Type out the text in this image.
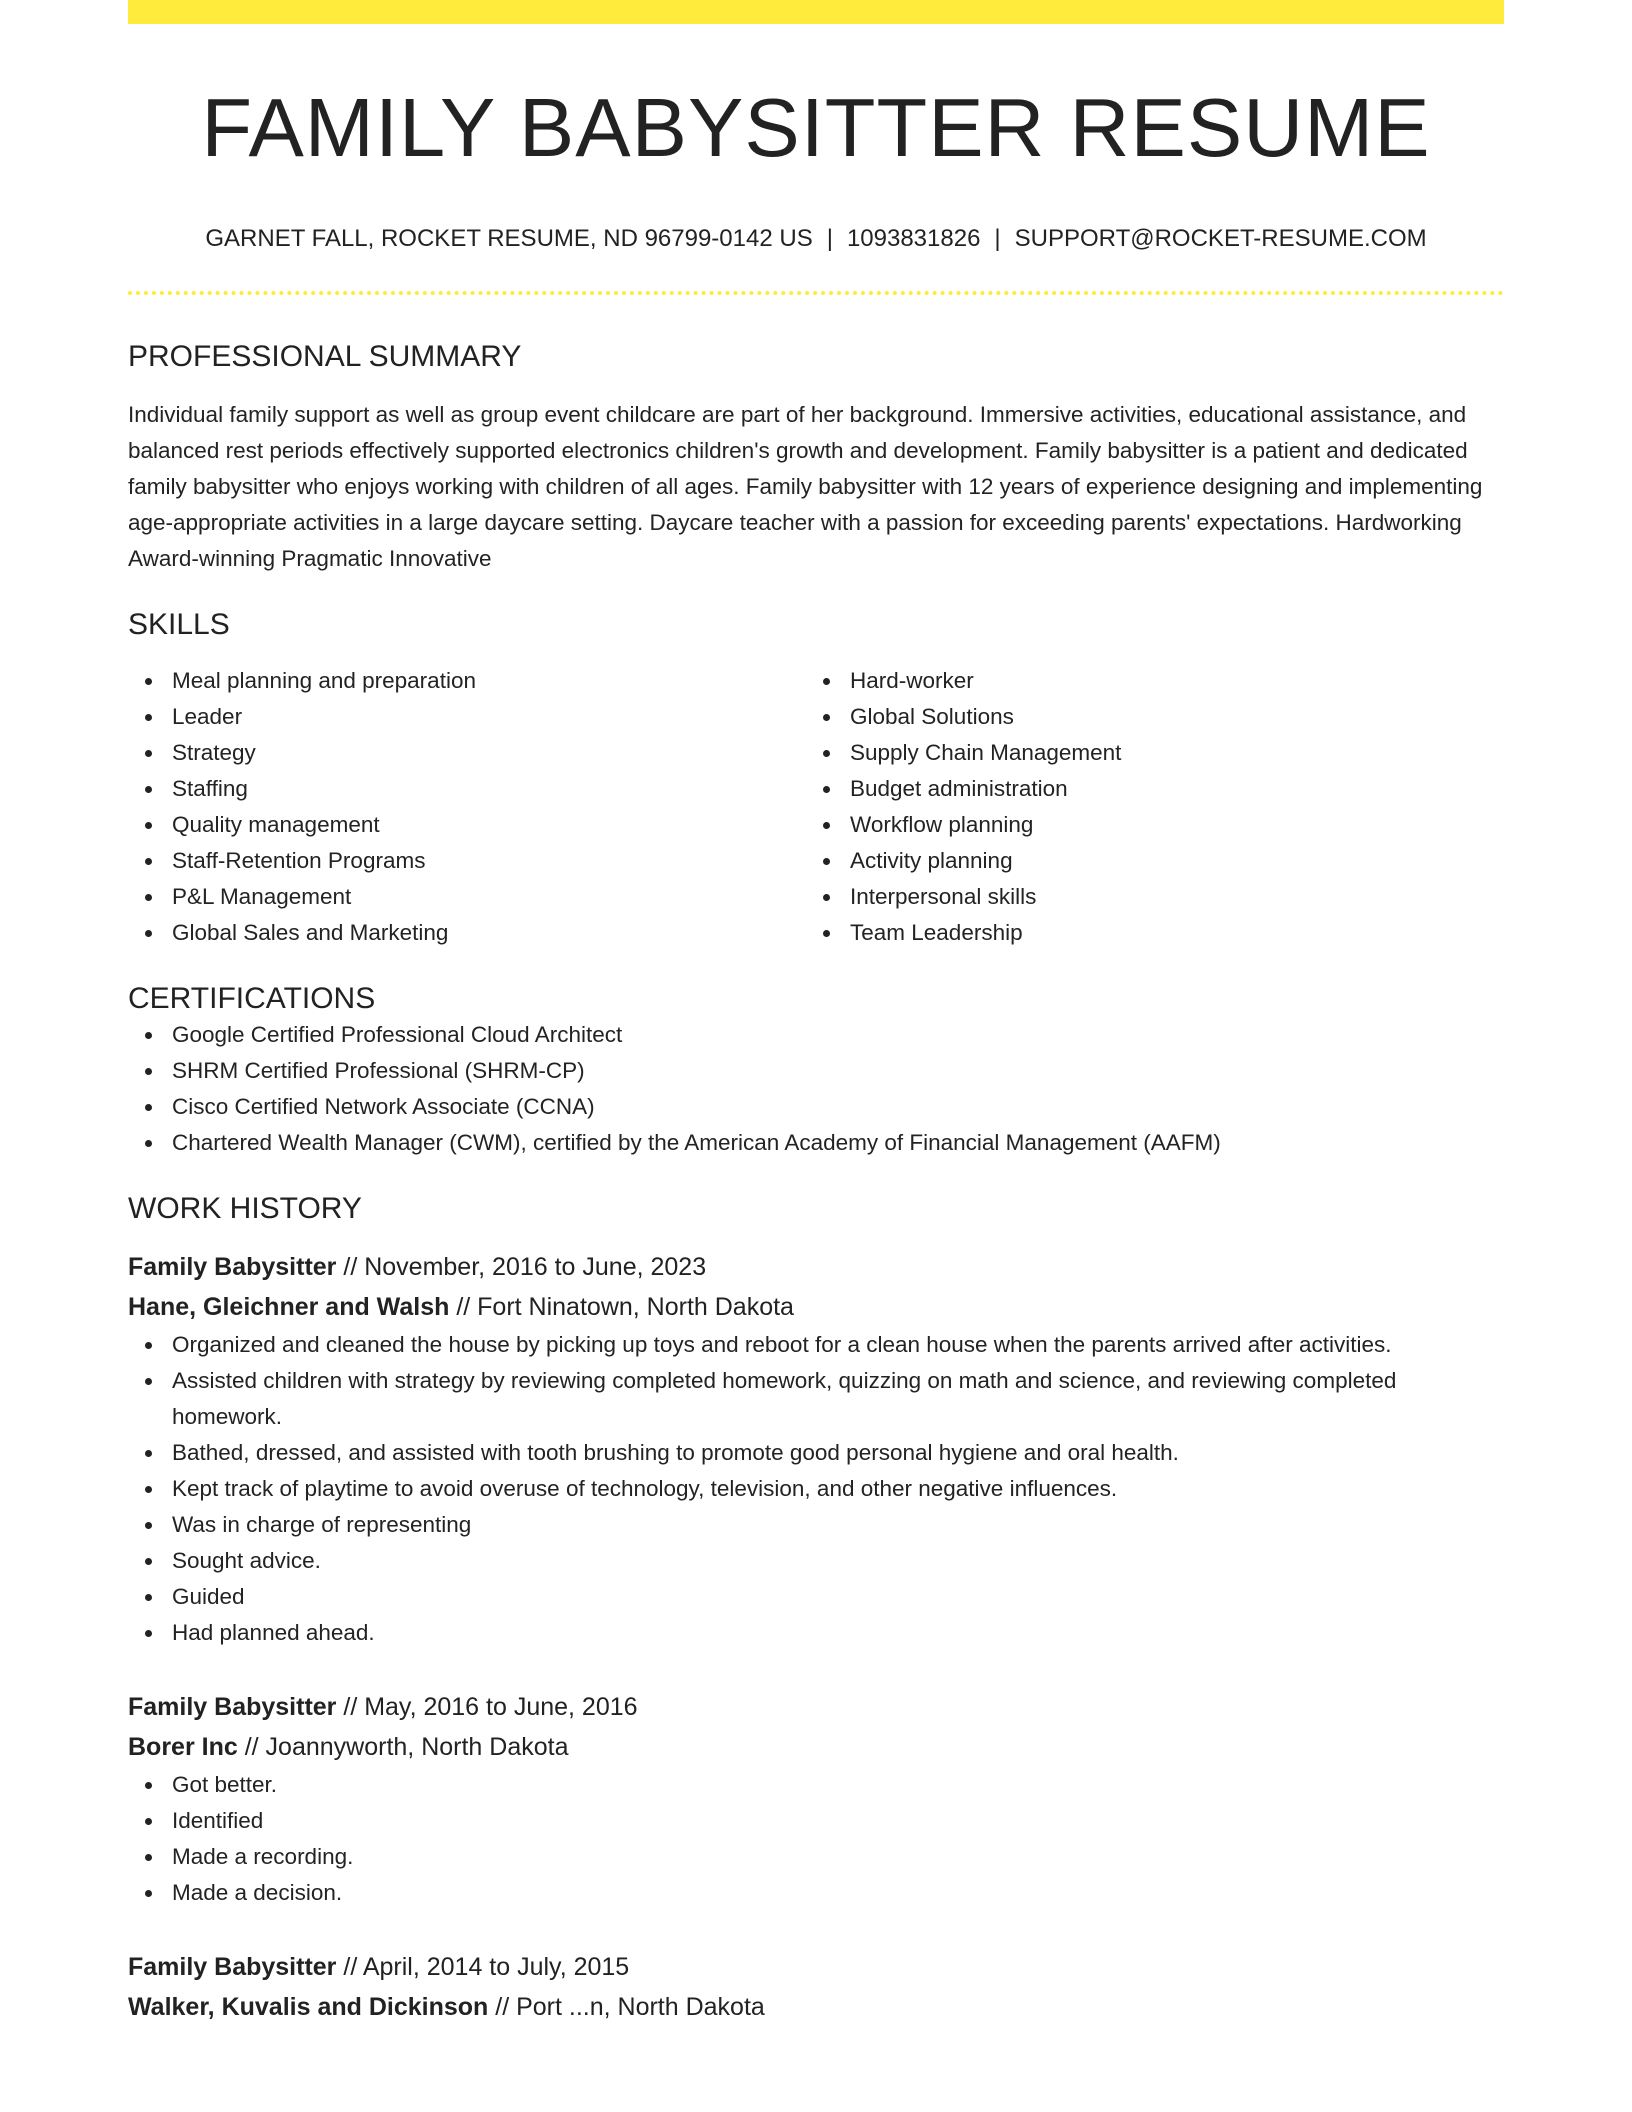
FAMILY BABYSITTER RESUME
GARNET FALL, ROCKET RESUME, ND 96799-0142 US | 1093831826 | SUPPORT@ROCKET-RESUME.COM
PROFESSIONAL SUMMARY

Individual family support as well as group event childcare are part of her background. Immersive activities, educational assistance, and balanced rest periods effectively supported electronics children's growth and development. Family babysitter is a patient and dedicated family babysitter who enjoys working with children of all ages. Family babysitter with 12 years of experience designing and implementing age-appropriate activities in a large daycare setting. Daycare teacher with a passion for exceeding parents' expectations. Hardworking Award-winning Pragmatic Innovative

SKILLS
Meal planning and preparation
Leader
Strategy
Staffing
Quality management
Staff-Retention Programs
P&L Management
Global Sales and Marketing
Hard-worker
Global Solutions
Supply Chain Management
Budget administration
Workflow planning
Activity planning
Interpersonal skills
Team Leadership
CERTIFICATIONS
Google Certified Professional Cloud Architect
SHRM Certified Professional (SHRM-CP)
Cisco Certified Network Associate (CCNA)
Chartered Wealth Manager (CWM), certified by the American Academy of Financial Management (AAFM)
WORK HISTORY
Family Babysitter // November, 2016 to June, 2023
Hane, Gleichner and Walsh // Fort Ninatown, North Dakota
Organized and cleaned the house by picking up toys and reboot for a clean house when the parents arrived after activities.
Assisted children with strategy by reviewing completed homework, quizzing on math and science, and reviewing completed homework.
Bathed, dressed, and assisted with tooth brushing to promote good personal hygiene and oral health.
Kept track of playtime to avoid overuse of technology, television, and other negative influences.
Was in charge of representing
Sought advice.
Guided
Had planned ahead.
Family Babysitter // May, 2016 to June, 2016
Borer Inc // Joannyworth, North Dakota
Got better.
Identified
Made a recording.
Made a decision.
Family Babysitter // April, 2014 to July, 2015
Walker, Kuvalis and Dickinson // Port ...n, North Dakota
